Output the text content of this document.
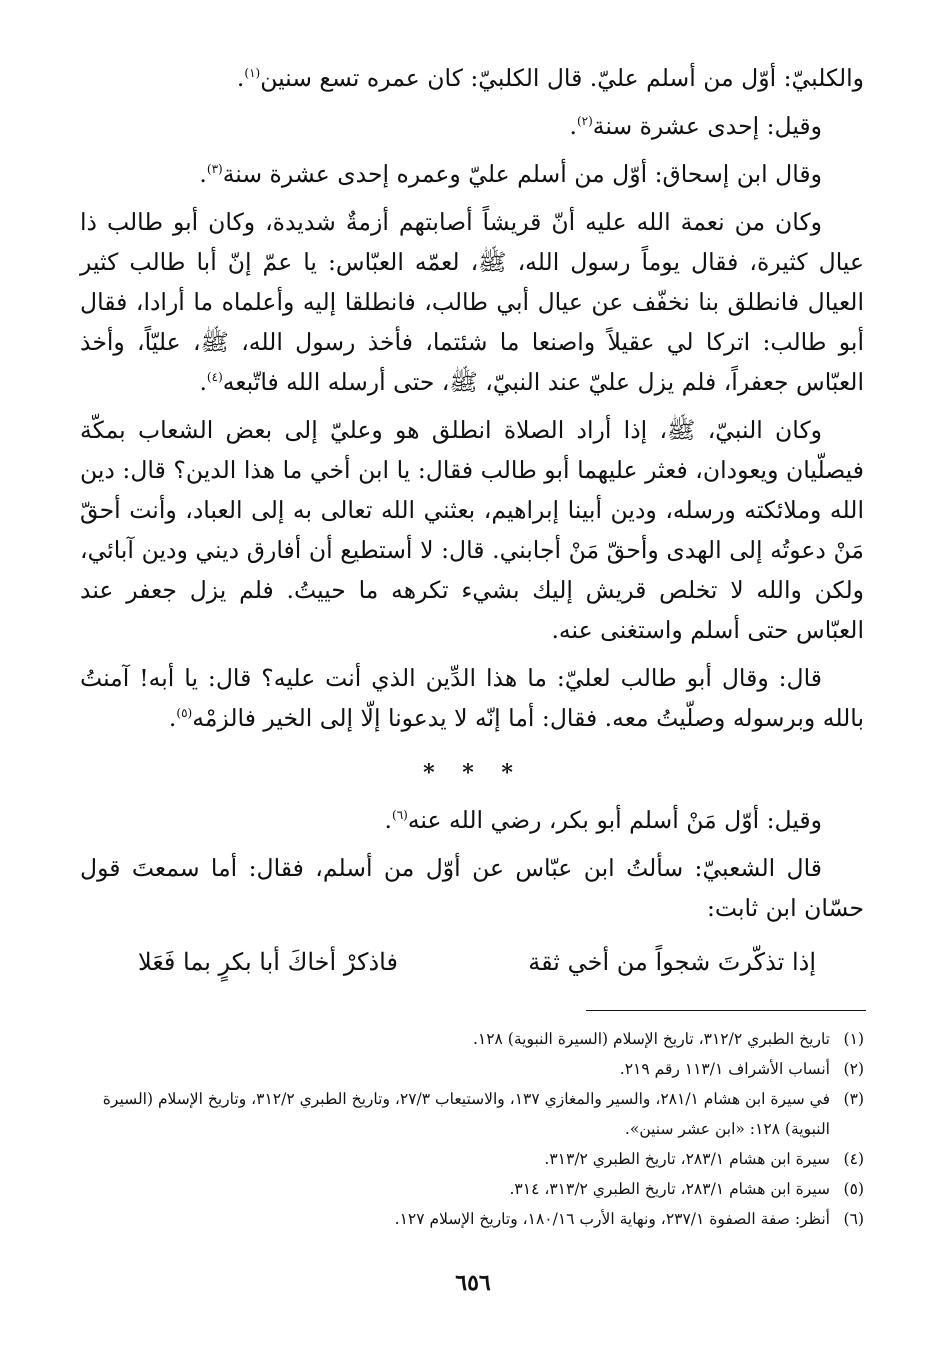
والكلبيّ: أوّل من أسلم عليّ. قال الكلبيّ: كان عمره تسع سنين$^{(١)}$.

وقيل: إحدى عشرة سنة$^{(٢)}$.

وقال ابن إسحاق: أوّل من أسلم عليّ وعمره إحدى عشرة سنة$^{(٣)}$.

وكان من نعمة الله عليه أنّ قريشاً أصابتهم أزمةٌ شديدة، وكان أبو طالب ذا عيال كثيرة، فقال يوماً رسول الله، ﷺ، لعمّه العبّاس: يا عمّ إنّ أبا طالب كثير العيال فانطلق بنا نخفّف عن عيال أبي طالب، فانطلقا إليه وأعلماه ما أرادا، فقال أبو طالب: اتركا لي عقيلاً واصنعا ما شئتما، فأخذ رسول الله، ﷺ، عليّاً، وأخذ العبّاس جعفراً، فلم يزل عليّ عند النبيّ، ﷺ، حتى أرسله الله فاتّبعه$^{(٤)}$.

وكان النبيّ، ﷺ، إذا أراد الصلاة انطلق هو وعليّ إلى بعض الشعاب بمكّة فيصلّيان ويعودان، فعثر عليهما أبو طالب فقال: يا ابن أخي ما هذا الدين؟ قال: دين الله وملائكته ورسله، ودين أبينا إبراهيم، بعثني الله تعالى به إلى العباد، وأنت أحقّ مَنْ دعوتُه إلى الهدى وأحقّ مَنْ أجابني. قال: لا أستطيع أن أفارق ديني ودين آبائي، ولكن والله لا تخلص قريش إليك بشيء تكرهه ما حييتُ. فلم يزل جعفر عند العبّاس حتى أسلم واستغنى عنه.

قال: وقال أبو طالب لعليّ: ما هذا الدِّين الذي أنت عليه؟ قال: يا أبه! آمنتُ بالله وبرسوله وصلّيتُ معه. فقال: أما إنّه لا يدعونا إلّا إلى الخير فالزمْه$^{(٥)}$.

* * *

وقيل: أوّل مَنْ أسلم أبو بكر، رضي الله عنه$^{(٦)}$.

قال الشعبيّ: سألتُ ابن عبّاس عن أوّل من أسلم، فقال: أما سمعتَ قول حسّان ابن ثابت:

إذا تذكّرتَ شجواً من أخي ثقة
فاذكرْ أخاكَ أبا بكرٍ بما فَعَلا
(١)
تاريخ الطبري ٣١٢/٢، تاريخ الإسلام (السيرة النبوية) ١٢٨.
(٢)
أنساب الأشراف ١١٣/١ رقم ٢١٩.
(٣)
في سيرة ابن هشام ٢٨١/١، والسير والمغازي ١٣٧، والاستيعاب ٢٧/٣، وتاريخ الطبري ٣١٢/٢، وتاريخ الإسلام (السيرة النبوية) ١٢٨: «ابن عشر سنين».
(٤)
سيرة ابن هشام ٢٨٣/١، تاريخ الطبري ٣١٣/٢.
(٥)
سيرة ابن هشام ٢٨٣/١، تاريخ الطبري ٣١٣/٢، ٣١٤.
(٦)
أنظر: صفة الصفوة ٢٣٧/١، ونهاية الأرب ١٨٠/١٦، وتاريخ الإسلام ١٢٧.
٦٥٦
